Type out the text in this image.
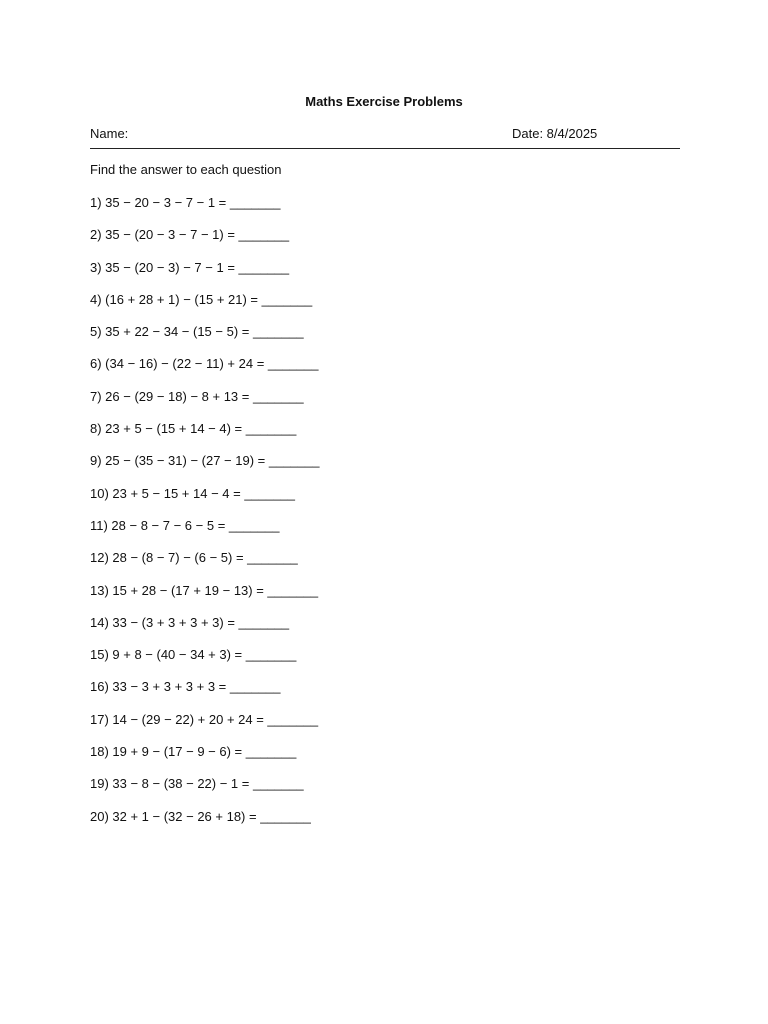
Maths Exercise Problems
Name:	Date: 8/4/2025
Find the answer to each question
1) 35 − 20 − 3 − 7 − 1 = _______
2) 35 − (20 − 3 − 7 − 1) = _______
3) 35 − (20 − 3) − 7 − 1 = _______
4) (16 + 28 + 1) − (15 + 21) = _______
5) 35 + 22 − 34 − (15 − 5) = _______
6) (34 − 16) − (22 − 11) + 24 = _______
7) 26 − (29 − 18) − 8 + 13 = _______
8) 23 + 5 − (15 + 14 − 4) = _______
9) 25 − (35 − 31) − (27 − 19) = _______
10) 23 + 5 − 15 + 14 − 4 = _______
11) 28 − 8 − 7 − 6 − 5 = _______
12) 28 − (8 − 7) − (6 − 5) = _______
13) 15 + 28 − (17 + 19 − 13) = _______
14) 33 − (3 + 3 + 3 + 3) = _______
15) 9 + 8 − (40 − 34 + 3) = _______
16) 33 − 3 + 3 + 3 + 3 = _______
17) 14 − (29 − 22) + 20 + 24 = _______
18) 19 + 9 − (17 − 9 − 6) = _______
19) 33 − 8 − (38 − 22) − 1 = _______
20) 32 + 1 − (32 − 26 + 18) = _______
